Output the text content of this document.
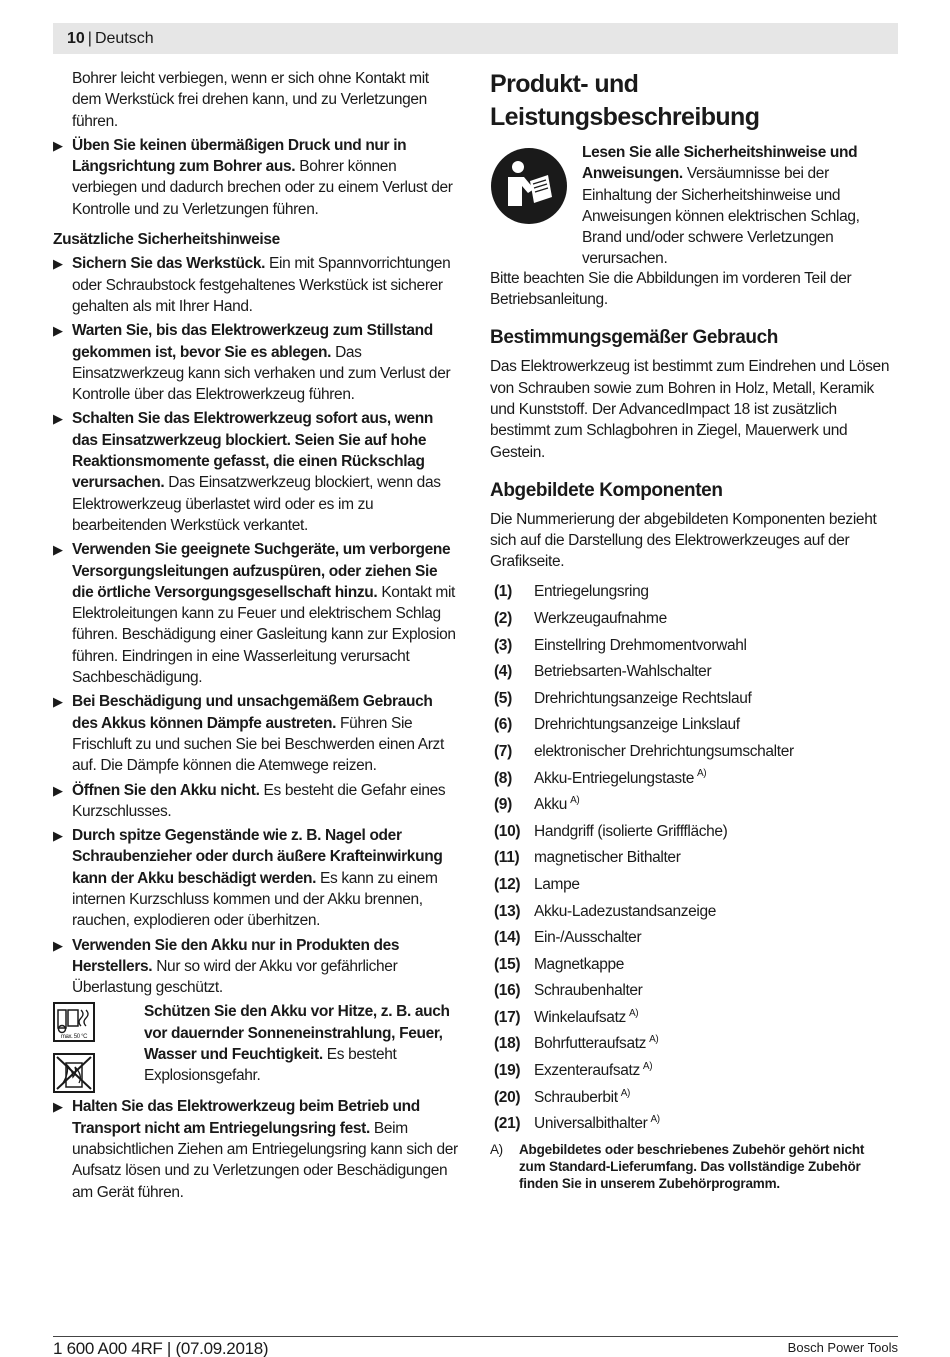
10 | Deutsch

Bohrer leicht verbiegen, wenn er sich ohne Kontakt mit dem Werkstück frei drehen kann, und zu Verletzungen führen.

▶ Üben Sie keinen übermäßigen Druck und nur in Längsrichtung zum Bohrer aus. Bohrer können verbiegen und dadurch brechen oder zu einem Verlust der Kontrolle und zu Verletzungen führen.
Zusätzliche Sicherheitshinweise
▶ Sichern Sie das Werkstück. Ein mit Spannvorrichtungen oder Schraubstock festgehaltenes Werkstück ist sicherer gehalten als mit Ihrer Hand.
▶ Warten Sie, bis das Elektrowerkzeug zum Stillstand gekommen ist, bevor Sie es ablegen. Das Einsatzwerkzeug kann sich verhaken und zum Verlust der Kontrolle über das Elektrowerkzeug führen.
▶ Schalten Sie das Elektrowerkzeug sofort aus, wenn das Einsatzwerkzeug blockiert. Seien Sie auf hohe Reaktionsmomente gefasst, die einen Rückschlag verursachen. Das Einsatzwerkzeug blockiert, wenn das Elektrowerkzeug überlastet wird oder es im zu bearbeitenden Werkstück verkantet.
▶ Verwenden Sie geeignete Suchgeräte, um verborgene Versorgungsleitungen aufzuspüren, oder ziehen Sie die örtliche Versorgungsgesellschaft hinzu. Kontakt mit Elektroleitungen kann zu Feuer und elektrischem Schlag führen. Beschädigung einer Gasleitung kann zur Explosion führen. Eindringen in eine Wasserleitung verursacht Sachbeschädigung.
▶ Bei Beschädigung und unsachgemäßem Gebrauch des Akkus können Dämpfe austreten. Führen Sie Frischluft zu und suchen Sie bei Beschwerden einen Arzt auf. Die Dämpfe können die Atemwege reizen.
▶ Öffnen Sie den Akku nicht. Es besteht die Gefahr eines Kurzschlusses.
▶ Durch spitze Gegenstände wie z. B. Nagel oder Schraubenzieher oder durch äußere Krafteinwirkung kann der Akku beschädigt werden. Es kann zu einem internen Kurzschluss kommen und der Akku brennen, rauchen, explodieren oder überhitzen.
▶ Verwenden Sie den Akku nur in Produkten des Herstellers. Nur so wird der Akku vor gefährlicher Überlastung geschützt.
max. 50 °C

Schützen Sie den Akku vor Hitze, z. B. auch vor dauernder Sonneneinstrahlung, Feuer, Wasser und Feuchtigkeit. Es besteht Explosionsgefahr.

▶ Halten Sie das Elektrowerkzeug beim Betrieb und Transport nicht am Entriegelungsring fest. Beim unabsichtlichen Ziehen am Entriegelungsring kann sich der Aufsatz lösen und zu Verletzungen oder Beschädigungen am Gerät führen.
Produkt- und Leistungsbeschreibung

Lesen Sie alle Sicherheitshinweise und Anweisungen. Versäumnisse bei der Einhaltung der Sicherheitshinweise und Anweisungen können elektrischen Schlag, Brand und/oder schwere Verletzungen verursachen.

Bitte beachten Sie die Abbildungen im vorderen Teil der Betriebsanleitung.

Bestimmungsgemäßer Gebrauch

Das Elektrowerkzeug ist bestimmt zum Eindrehen und Lösen von Schrauben sowie zum Bohren in Holz, Metall, Keramik und Kunststoff. Der AdvancedImpact 18 ist zusätzlich bestimmt zum Schlagbohren in Ziegel, Mauerwerk und Gestein.

Abgebildete Komponenten

Die Nummerierung der abgebildeten Komponenten bezieht sich auf die Darstellung des Elektrowerkzeuges auf der Grafikseite.

(1)	Entriegelungsring
(2)	Werkzeugaufnahme
(3)	Einstellring Drehmomentvorwahl
(4)	Betriebsarten-Wahlschalter
(5)	Drehrichtungsanzeige Rechtslauf
(6)	Drehrichtungsanzeige Linkslauf
(7)	elektronischer Drehrichtungsumschalter
(8)	Akku-Entriegelungstaste $^{A)}$
(9)	Akku $^{A)}$
(10) Handgriff (isolierte Grifffläche)
(11) magnetischer Bithalter
(12) Lampe
(13) Akku-Ladezustandsanzeige
(14) Ein-/Ausschalter
(15) Magnetkappe
(16) Schraubenhalter
(17) Winkelaufsatz $^{A)}$
(18) Bohrfutteraufsatz $^{A)}$
(19) Exzenteraufsatz $^{A)}$
(20) Schrauberbit $^{A)}$
(21) Universalbithalter $^{A)}$
A)	Abgebildetes oder beschriebenes Zubehör gehört nicht zum Standard-Lieferumfang. Das vollständige Zubehör finden Sie in unserem Zubehörprogramm.
1 600 A00 4RF | (07.09.2018)	Bosch Power Tools
